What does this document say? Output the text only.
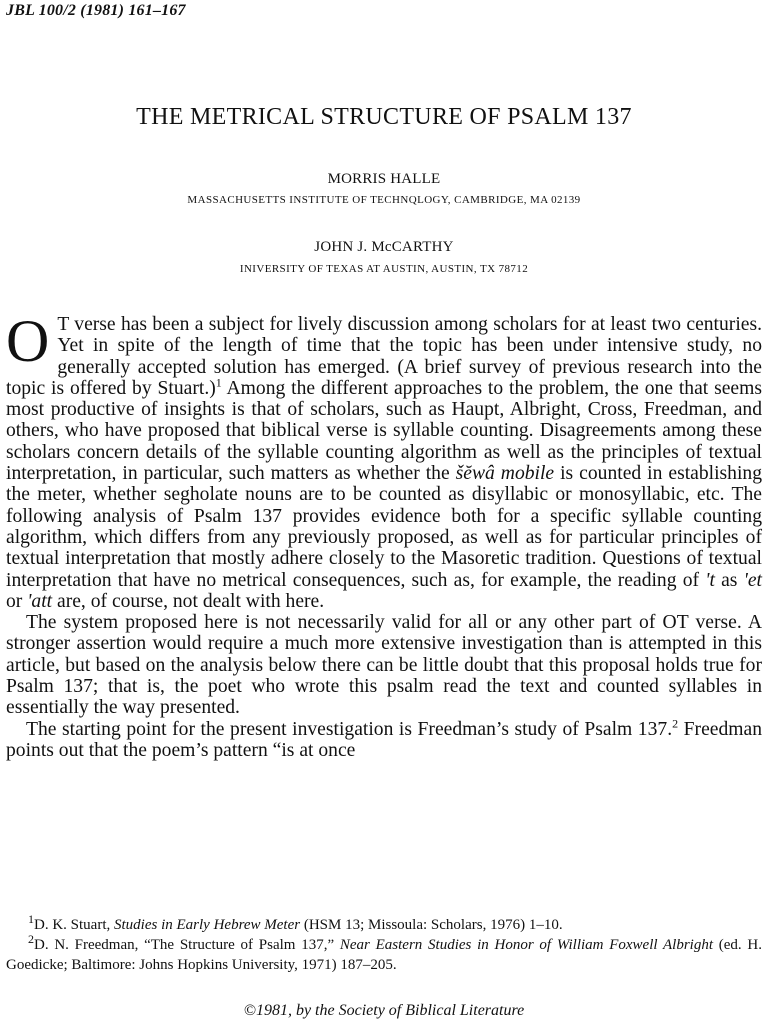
JBL 100/2 (1981) 161–167
THE METRICAL STRUCTURE OF PSALM 137
MORRIS HALLE
MASSACHUSETTS INSTITUTE OF TECHNQLOGY, CAMBRIDGE, MA 02139
JOHN J. McCARTHY
INIVERSITY OF TEXAS AT AUSTIN, AUSTIN, TX 78712

O T verse has been a subject for lively discussion among scholars for at least two centuries. Yet in spite of the length of time that the topic has been under intensive study, no generally accepted solution has emerged. (A brief survey of previous research into the topic is offered by Stuart.)$^1$ Among the different approaches to the problem, the one that seems most productive of insights is that of scholars, such as Haupt, Albright, Cross, Freedman, and others, who have proposed that biblical verse is syllable counting. Disagreements among these scholars concern details of the syllable counting algorithm as well as the principles of textual interpretation, in particular, such matters as whether the šĕwâ mobile is counted in establishing the meter, whether segholate nouns are to be counted as disyllabic or monosyllabic, etc. The following analysis of Psalm 137 provides evidence both for a specific syllable counting algorithm, which differs from any previously proposed, as well as for particular principles of textual interpretation that mostly adhere closely to the Masoretic tradition. Questions of textual interpretation that have no metrical consequences, such as, for example, the reading of 't as 'et or 'att are, of course, not dealt with here.

The system proposed here is not necessarily valid for all or any other part of OT verse. A stronger assertion would require a much more extensive investigation than is attempted in this article, but based on the analysis below there can be little doubt that this proposal holds true for Psalm 137; that is, the poet who wrote this psalm read the text and counted syllables in essentially the way presented.

The starting point for the present investigation is Freedman’s study of Psalm 137.$^2$ Freedman points out that the poem’s pattern “is at once

$^1$D. K. Stuart, Studies in Early Hebrew Meter (HSM 13; Missoula: Scholars, 1976) 1–10.

$^2$D. N. Freedman, “The Structure of Psalm 137,” Near Eastern Studies in Honor of William Foxwell Albright (ed. H. Goedicke; Baltimore: Johns Hopkins University, 1971) 187–205.

©1981, by the Society of Biblical Literature
